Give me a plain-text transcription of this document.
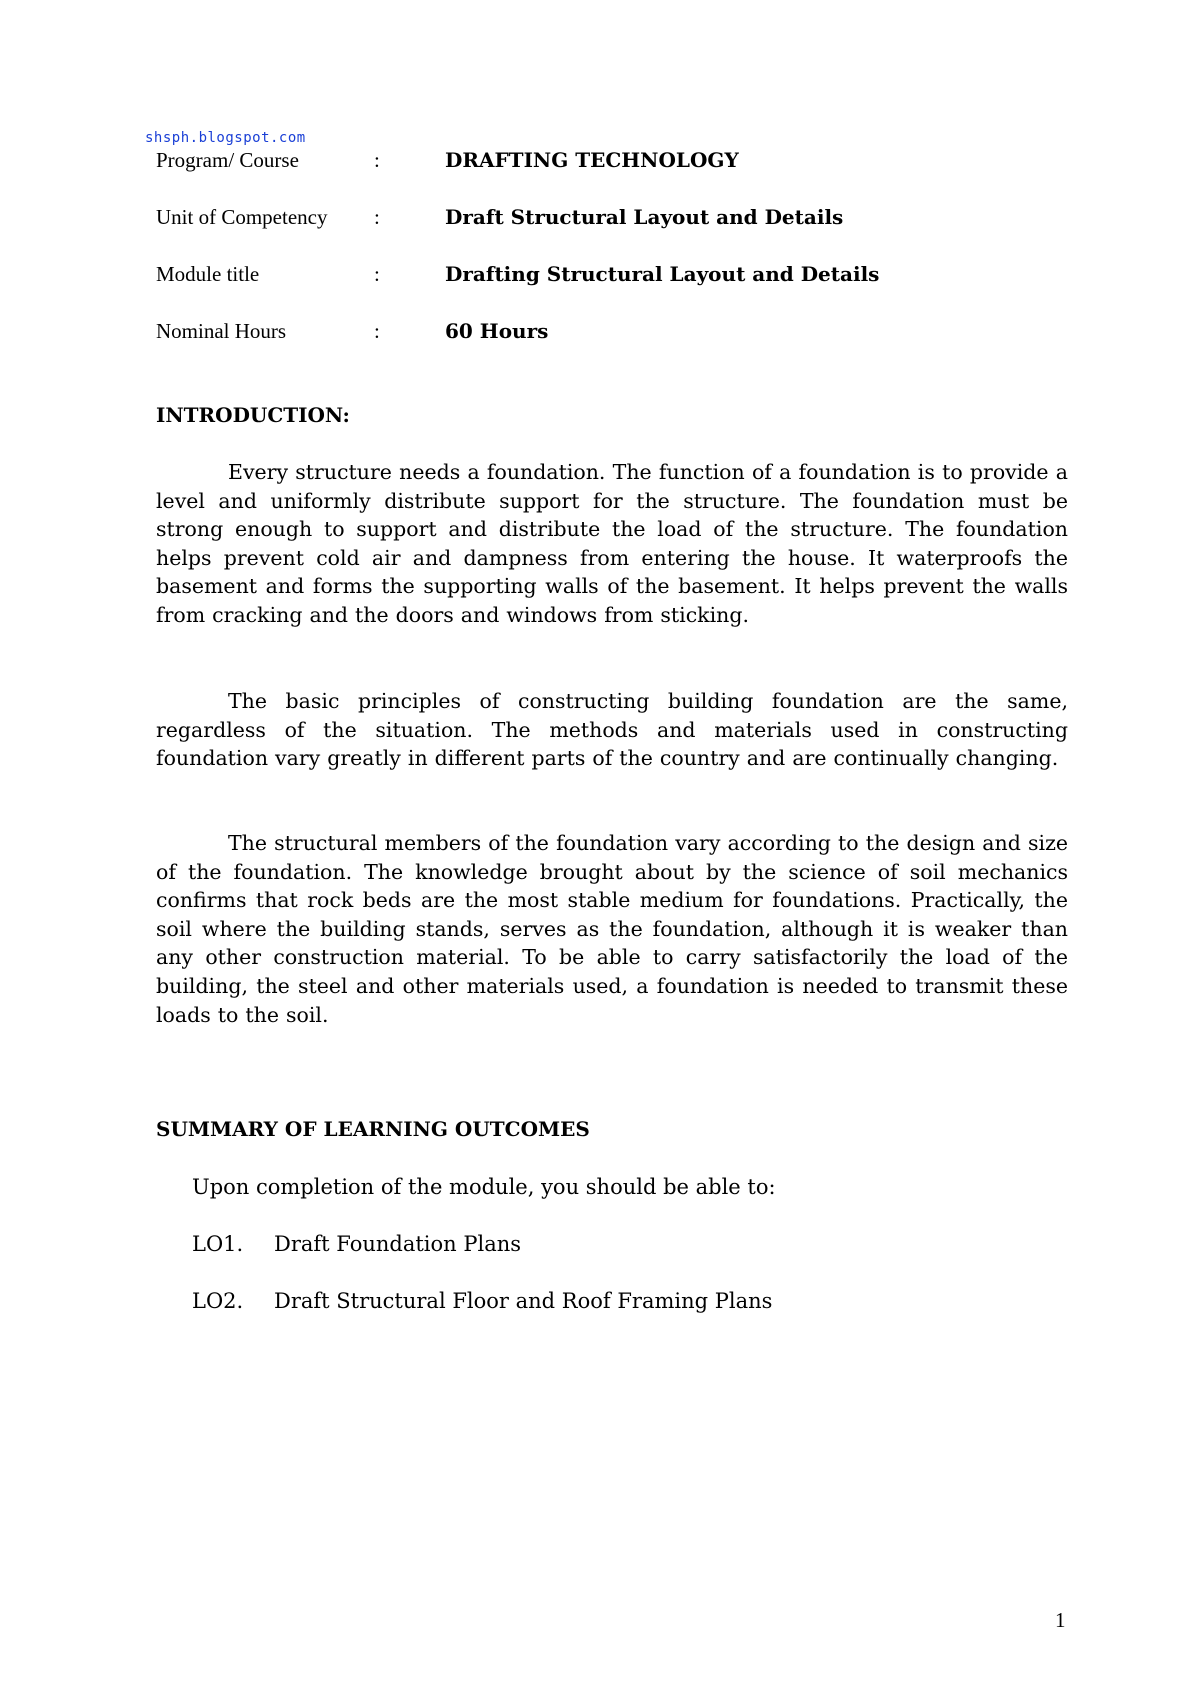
shsph.blogspot.com
Program/ Course	:	DRAFTING TECHNOLOGY
Unit of Competency :	Draft Structural Layout and Details
Module title	:	Drafting Structural Layout and Details
Nominal Hours	:	60 Hours
INTRODUCTION:

Every structure needs a foundation. The function of a foundation is to provide a level and uniformly distribute support for the structure. The foundation must be strong enough to support and distribute the load of the structure. The foundation helps prevent cold air and dampness from entering the house. It waterproofs the basement and forms the supporting walls of the basement. It helps prevent the walls from cracking and the doors and windows from sticking.

The basic principles of constructing building foundation are the same, regardless of the situation. The methods and materials used in constructing foundation vary greatly in different parts of the country and are continually changing.

The structural members of the foundation vary according to the design and size of the foundation. The knowledge brought about by the science of soil mechanics confirms that rock beds are the most stable medium for foundations. Practically, the soil where the building stands, serves as the foundation, although it is weaker than any other construction material. To be able to carry satisfactorily the load of the building, the steel and other materials used, a foundation is needed to transmit these loads to the soil.

SUMMARY OF LEARNING OUTCOMES
Upon completion of the module, you should be able to:
LO1. Draft Foundation Plans
LO2. Draft Structural Floor and Roof Framing Plans
1
